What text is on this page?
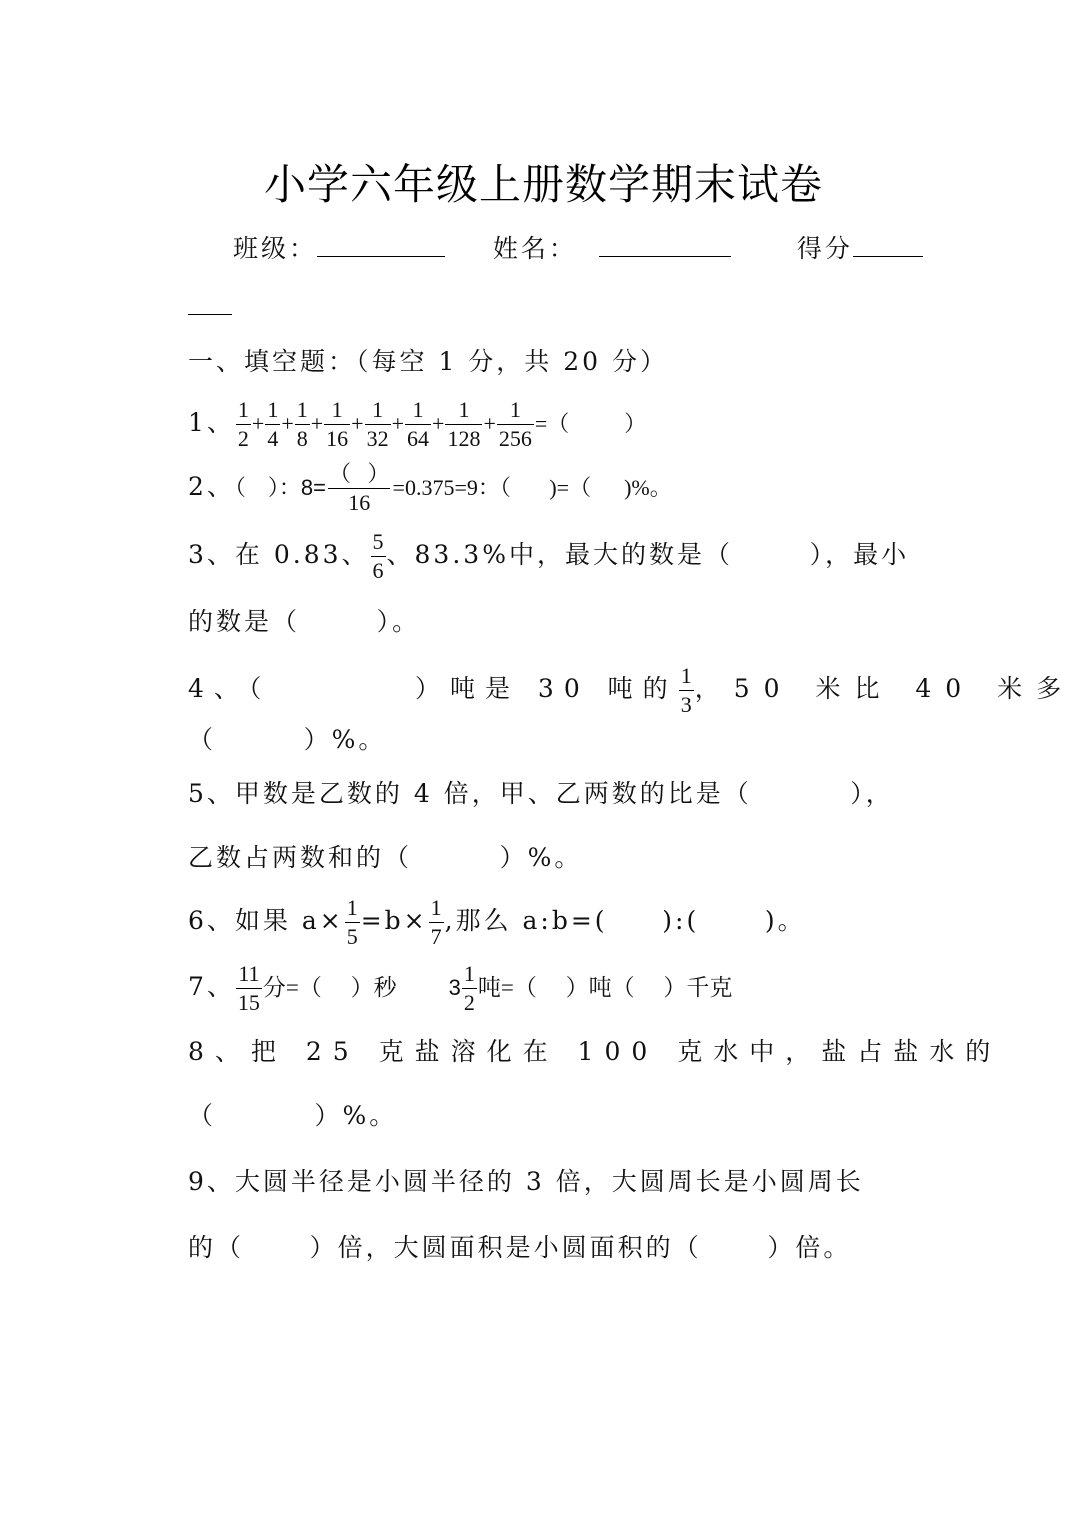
小学六年级上册数学期末试卷
班级：	姓名：	得分
一、填空题：（每空 1 分，共 20 分）
1、 $\frac{1}{2} + \frac{1}{4} + \frac{1}{8} + \frac{1}{16} + \frac{1}{32} + \frac{1}{64} + \frac{1}{128} + \frac{1}{256}$ =（          ）
2、（    ）：$8= \frac{( )}{16} =0.375=9$：（       )=（      )%。
3、在 0.83、 $\frac{5}{6}$ 、83.3%中，最大的数是（       ），最小
的数是（       ）。
4、（        ）吨是 30 吨的 $\frac{1}{3}$ ，50 米比 40 米多
（        ）%。
5、甲数是乙数的 4 倍，甲、乙两数的比是（         ），
乙数占两数和的（        ）%。
6、如果 $a\times \frac{1}{5} =b\times \frac{1}{7}$ ,那么 a:b=(     ):(      )。
7、 $\frac{11}{15}$ 分=（     ）秒 $3 \frac{1}{2}$ 吨=（     ）吨（     ）千克
8、把 25 克盐溶化在 100 克水中，盐占盐水的
（         ）%。
9、大圆半径是小圆半径的 3 倍，大圆周长是小圆周长
的（      ）倍，大圆面积是小圆面积的（      ）倍。
